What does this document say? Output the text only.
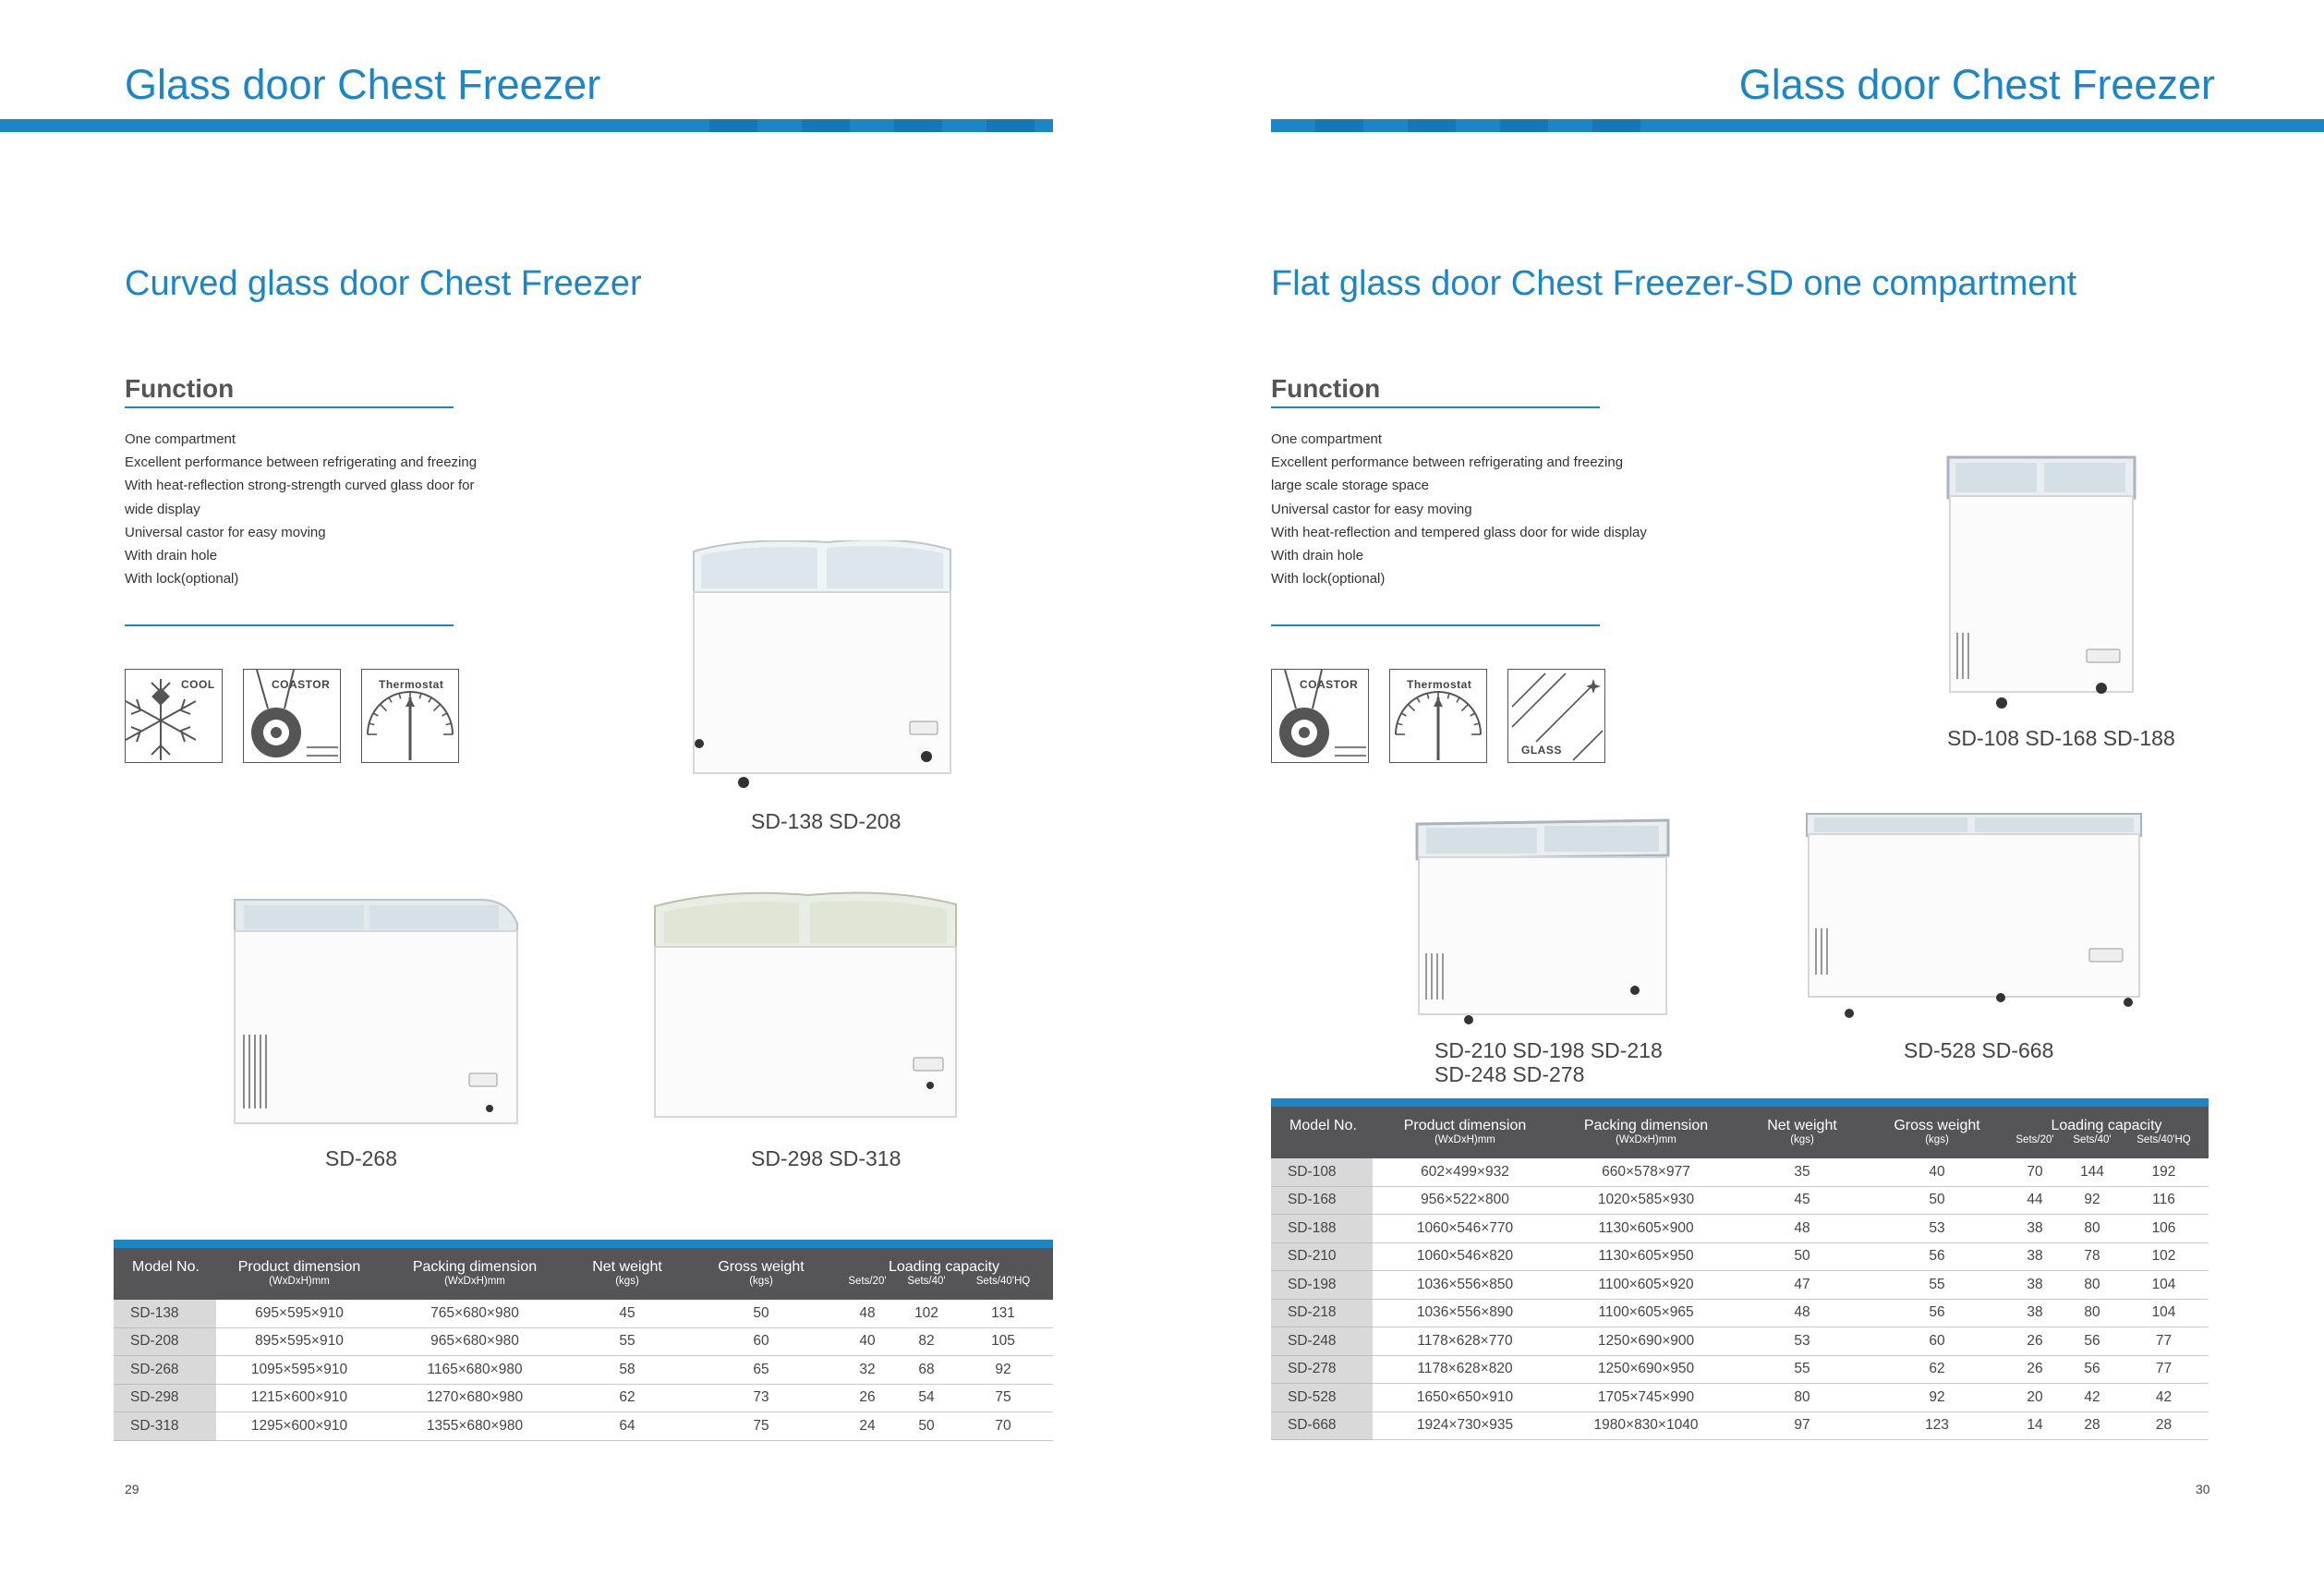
Glass door Chest Freezer
Curved glass door Chest Freezer
Function
One compartment
Excellent performance between refrigerating and freezing
With heat-reflection strong-strength curved glass door for
wide display
Universal castor for easy moving
With drain hole
With lock(optional)
COOL	COASTOR	Thermostat
SD-138 SD-208
SD-268	SD-298 SD-318

Model No.	Product dimension	Packing dimension	Net weight	Gross weight	Loading capacity		
	(WxDxH)mm	(WxDxH)mm	(kgs)	(kgs)	Sets/20'	Sets/40'	Sets/40'HQ
SD-138	695×595×910	765×680×980	45	50	48	102	131
SD-208	895×595×910	965×680×980	55	60	40	82	105
SD-268	1095×595×910	1165×680×980	58	65	32	68	92
SD-298	1215×600×910	1270×680×980	62	73	26	54	75
SD-318	1295×600×910	1355×680×980	64	75	24	50	70
29
Glass door Chest Freezer
Flat glass door Chest Freezer-SD one compartment
Function
One compartment
Excellent performance between refrigerating and freezing
large scale storage space
Universal castor for easy moving
With heat-reflection and tempered glass door for wide display
With drain hole
With lock(optional)
COASTOR	Thermostat
GLASS	SD-108 SD-168 SD-188
SD-210 SD-198 SD-218
SD-248 SD-278
SD-528 SD-668

Model No.	Product dimension	Packing dimension	Net weight	Gross weight	Loading capacity		
	(WxDxH)mm	(WxDxH)mm	(kgs)	(kgs)	Sets/20'	Sets/40'	Sets/40'HQ
SD-108	602×499×932	660×578×977	35	40	70	144	192
SD-168	956×522×800	1020×585×930	45	50	44	92	116
SD-188	1060×546×770	1130×605×900	48	53	38	80	106
SD-210	1060×546×820	1130×605×950	50	56	38	78	102
SD-198	1036×556×850	1100×605×920	47	55	38	80	104
SD-218	1036×556×890	1100×605×965	48	56	38	80	104
SD-248	1178×628×770	1250×690×900	53	60	26	56	77
SD-278	1178×628×820	1250×690×950	55	62	26	56	77
SD-528	1650×650×910	1705×745×990	80	92	20	42	42
SD-668	1924×730×935	1980×830×1040	97	123	14	28	28
30
